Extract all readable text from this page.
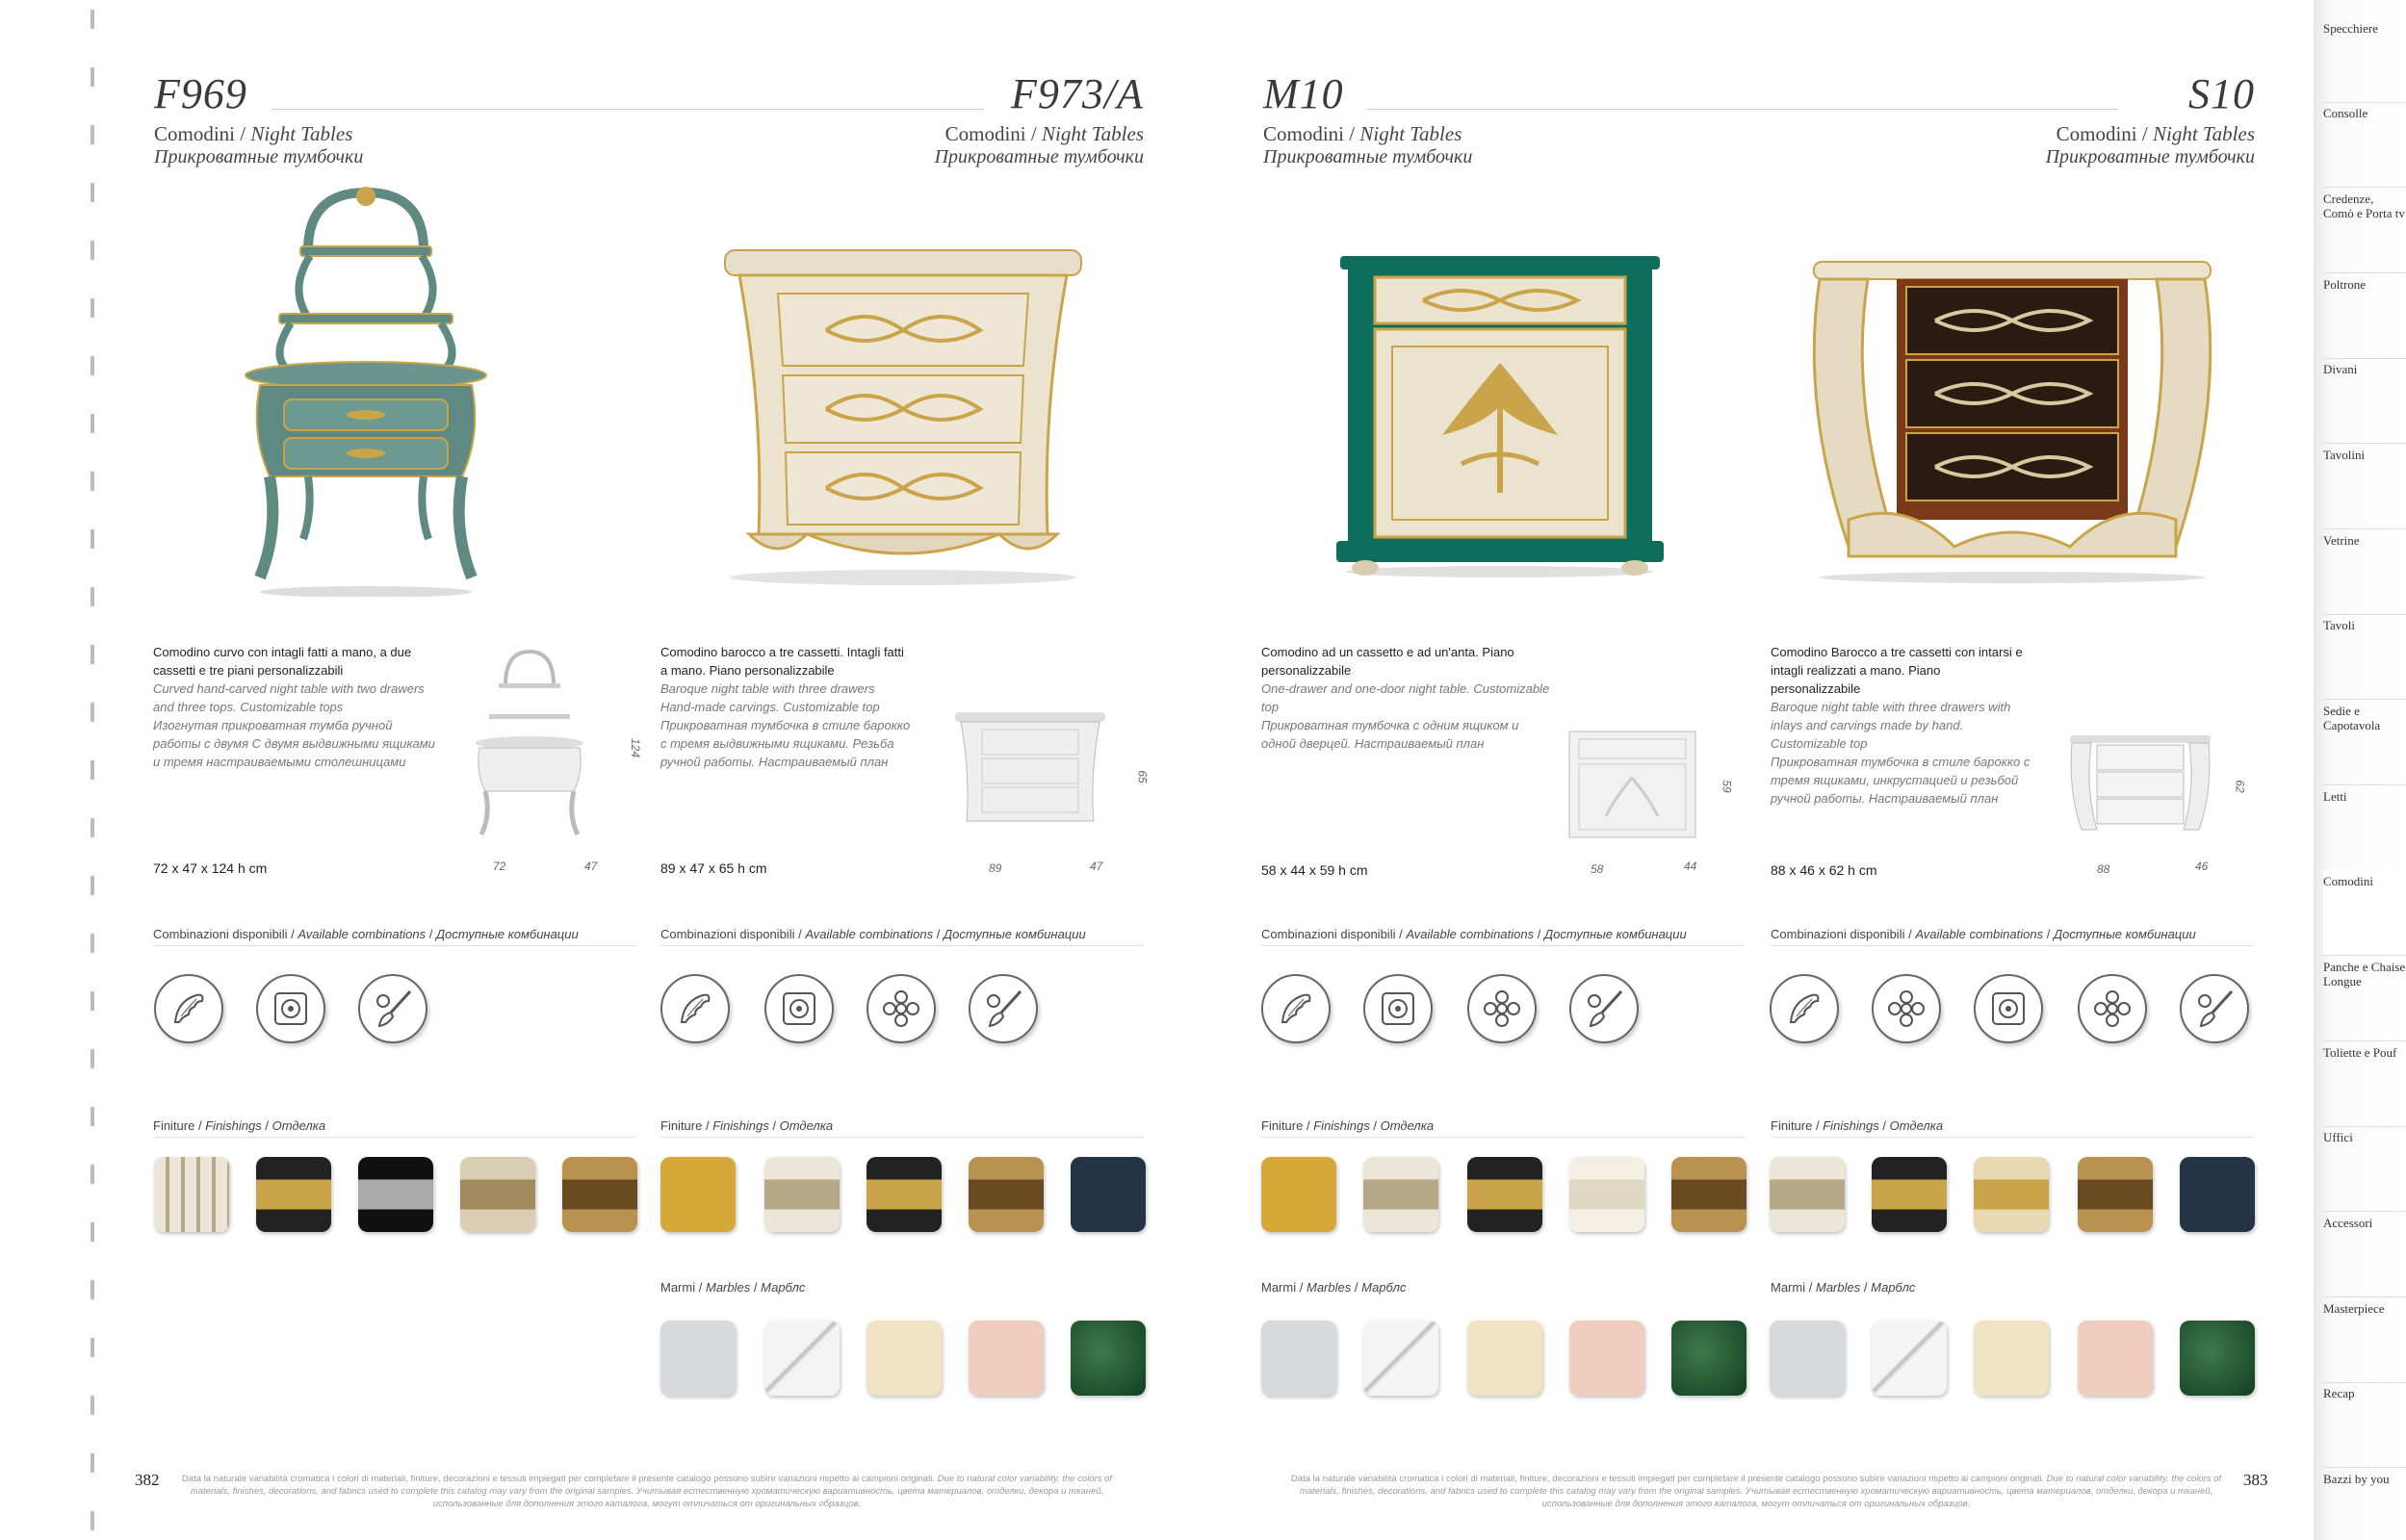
F969
Comodini / Night Tables
Прикроватные тумбочки
F973/A
Comodini / Night Tables
Прикроватные тумбочки
M10
Comodini / Night Tables
Прикроватные тумбочки
S10
Comodini / Night Tables
Прикроватные тумбочки
Comodino curvo con intagli fatti a mano, a due cassetti e tre piani personalizzabili
Curved hand-carved night table with two drawers and three tops. Customizable tops
Изогнутая прикроватная тумба ручной работы с двумя С двумя выдвижными ящиками и тремя настраиваемыми столешницами
72 x 47 x 124 h cm
Comodino barocco a tre cassetti. Intagli fatti a mano. Piano personalizzabile
Baroque night table with three drawers Hand-made carvings. Customizable top
Прикроватная тумбочка в стиле барокко с тремя выдвижными ящиками. Резьба ручной работы. Настраиваемый план
89 x 47 x 65 h cm
Comodino ad un cassetto e ad un'anta. Piano personalizzabile
One-drawer and one-door night table. Customizable top
Прикроватная тумбочка с одним ящиком и одной дверцей. Настраиваемый план
58 x 44 x 59 h cm
Comodino Barocco a tre cassetti con intarsi e intagli realizzati a mano. Piano personalizzabile
Baroque night table with three drawers with inlays and carvings made by hand. Customizable top
Прикроватная тумбочка в стиле барокко с тремя ящиками, инкрустацией и резьбой ручной работы. Настраиваемый план
88 x 46 x 62 h cm
124
72	47
65
89	47
59
58	44
62
88	46
Combinazioni disponibili / Available combinations / Доступные комбинации	Combinazioni disponibili / Available combinations / Доступные комбинации	Combinazioni disponibili / Available combinations / Доступные комбинации	Combinazioni disponibili / Available combinations / Доступные комбинации
Finiture / Finishings / Отделка	Finiture / Finishings / Отделка	Finiture / Finishings / Отделка	Finiture / Finishings / Отделка
Marmi / Marbles / Марблс	Marmi / Marbles / Марблс	Marmi / Marbles / Марблс
382	Data la naturale variabilità cromatica i colori di materiali, finiture, decorazioni e tessuti impiegati per completare il presente catalogo possono subire variazioni rispetto ai campioni originali. Due to natural color variability, the colors of materials, finishes, decorations, and fabrics used to complete this catalog may vary from the original samples. Учитывая естественную хроматическую вариативность, цвета материалов, отделки, декора и тканей, использованные для дополнения этого каталога, могут отличаться от оригинальных образцов.
Data la naturale variabilità cromatica i colori di materiali, finiture, decorazioni e tessuti impiegati per completare il presente catalogo possono subire variazioni rispetto ai campioni originali. Due to natural color variability, the colors of materials, finishes, decorations, and fabrics used to complete this catalog may vary from the original samples. Учитывая естественную хроматическую вариативность, цвета материалов, отделки, декора и тканей, использованные для дополнения этого каталога, могут отличаться от оригинальных образцов.
383
Specchiere
Consolle
Credenze, Comò e Porta tv
Poltrone
Divani
Tavolini
Vetrine
Tavoli
Sedie e Capotavola
Letti
Comodini
Panche e Chaise Longue
Toliette e Pouf
Uffici
Accessori
Masterpiece
Recap
Bazzi by you
